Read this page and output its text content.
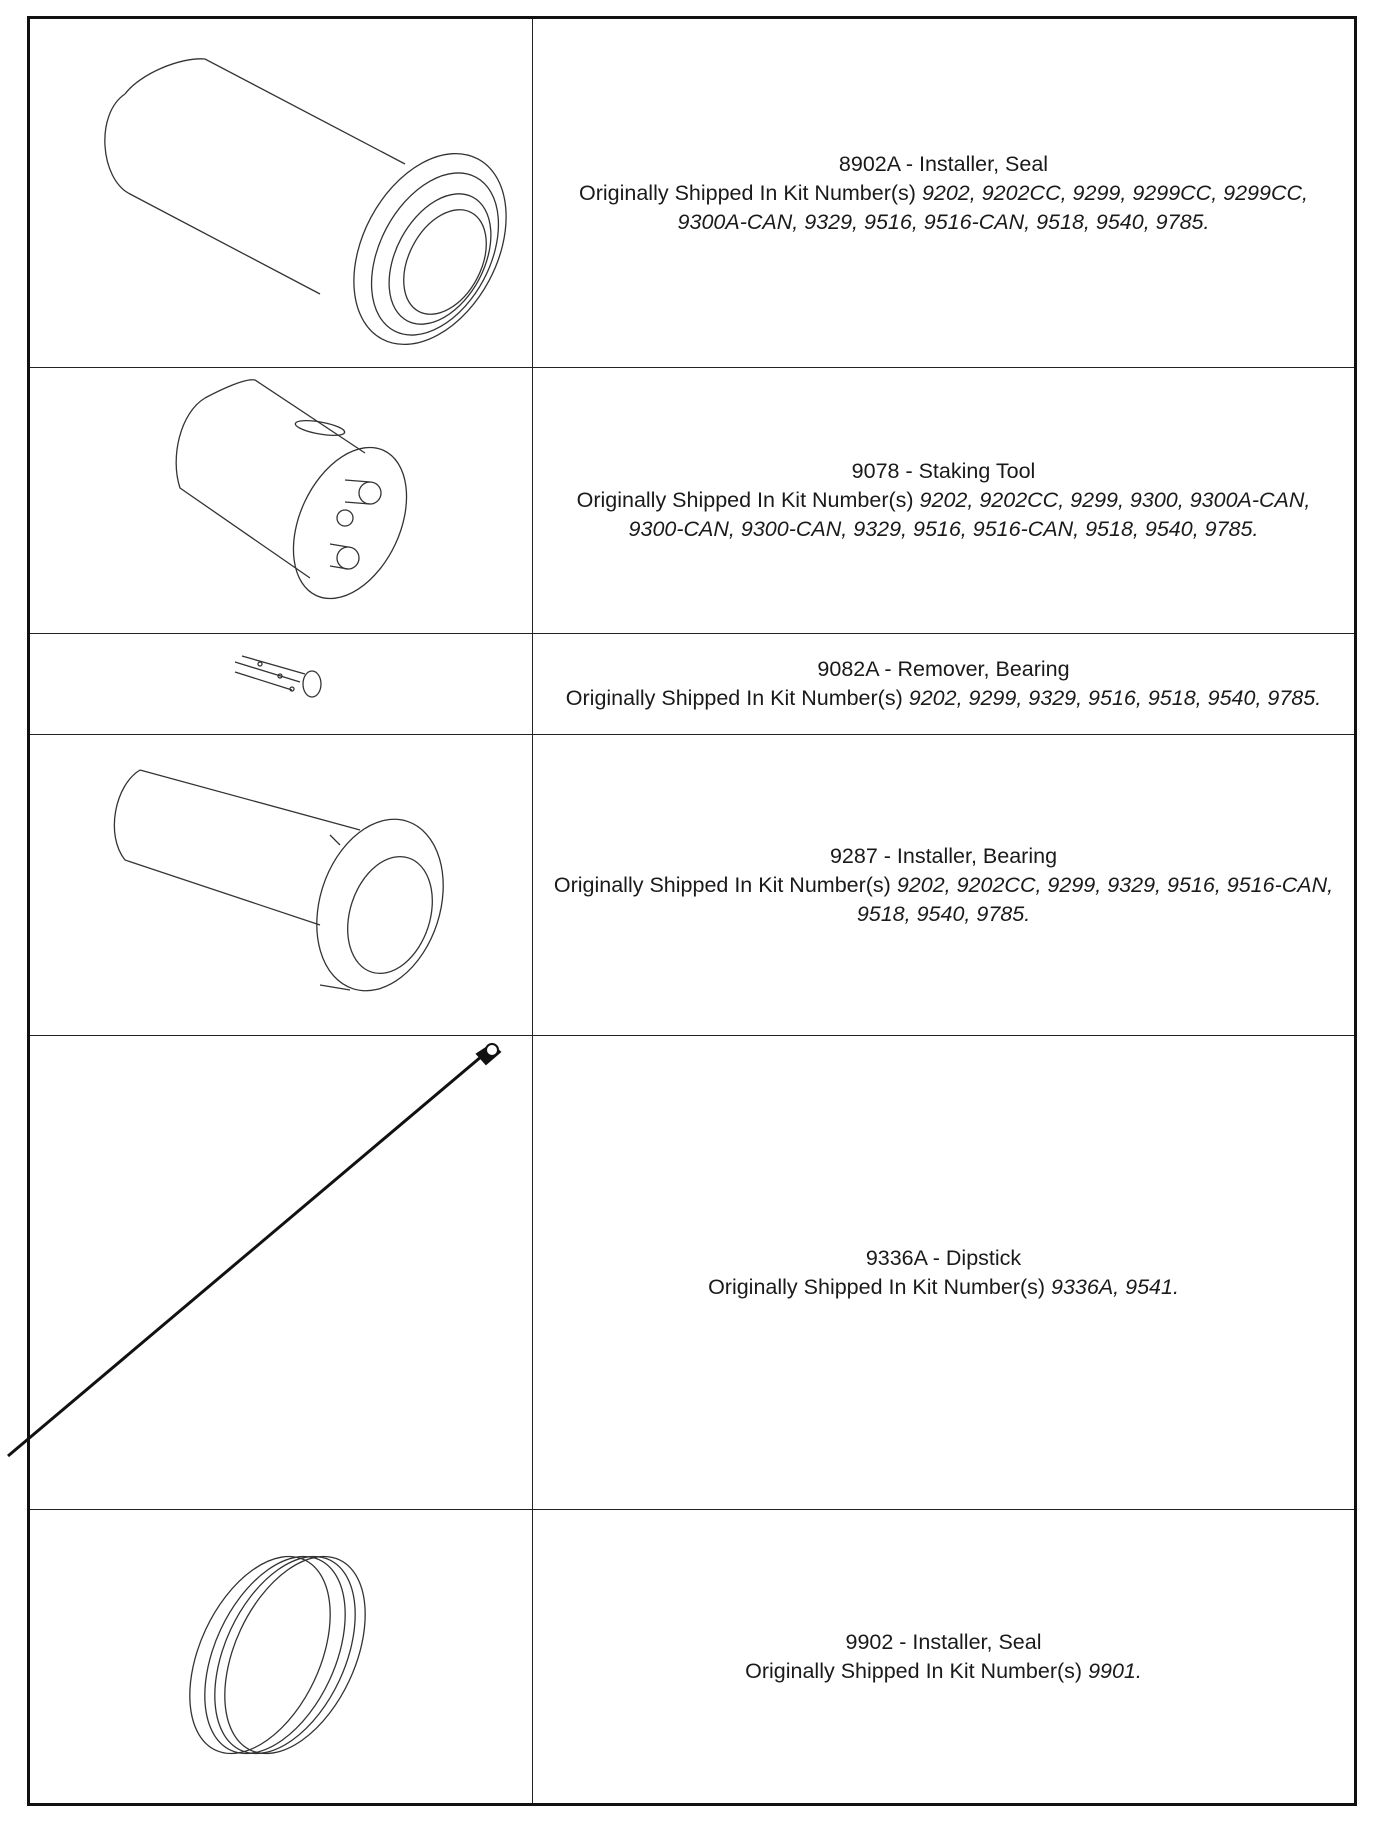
8902A - Installer, Seal
Originally Shipped In Kit Number(s) 9202, 9202CC, 9299, 9299CC, 9299CC, 9300A-CAN, 9329, 9516, 9516-CAN, 9518, 9540, 9785.
9078 - Staking Tool
Originally Shipped In Kit Number(s) 9202, 9202CC, 9299, 9300, 9300A-CAN, 9300-CAN, 9300-CAN, 9329, 9516, 9516-CAN, 9518, 9540, 9785.
9082A - Remover, Bearing
Originally Shipped In Kit Number(s) 9202, 9299, 9329, 9516, 9518, 9540, 9785.
9287 - Installer, Bearing
Originally Shipped In Kit Number(s) 9202, 9202CC, 9299, 9329, 9516, 9516-CAN, 9518, 9540, 9785.
9336A - Dipstick
Originally Shipped In Kit Number(s) 9336A, 9541.
9902 - Installer, Seal
Originally Shipped In Kit Number(s) 9901.
